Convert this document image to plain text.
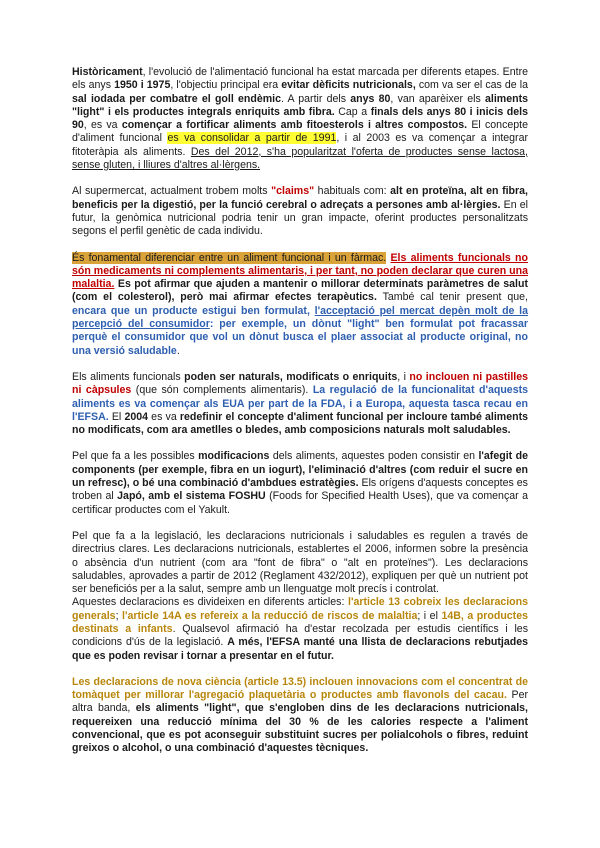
Històricament, l'evolució de l'alimentació funcional ha estat marcada per diferents etapes. Entre els anys 1950 i 1975, l'objectiu principal era evitar dèficits nutricionals, com va ser el cas de la sal iodada per combatre el goll endèmic. A partir dels anys 80, van aparèixer els aliments "light" i els productes integrals enriquits amb fibra. Cap a finals dels anys 80 i inicis dels 90, es va començar a fortificar aliments amb fitoesterols i altres compostos. El concepte d'aliment funcional es va consolidar a partir de 1991, i al 2003 es va començar a integrar fitoteràpia als aliments. Des del 2012, s'ha popularitzat l'oferta de productes sense lactosa, sense gluten, i lliures d'altres al·lèrgens.

Al supermercat, actualment trobem molts "claims" habituals com: alt en proteïna, alt en fibra, beneficis per la digestió, per la funció cerebral o adreçats a persones amb al·lèrgies. En el futur, la genòmica nutricional podria tenir un gran impacte, oferint productes personalitzats segons el perfil genètic de cada individu.

És fonamental diferenciar entre un aliment funcional i un fàrmac. Els aliments funcionals no són medicaments ni complements alimentaris, i per tant, no poden declarar que curen una malaltia. Es pot afirmar que ajuden a mantenir o millorar determinats paràmetres de salut (com el colesterol), però mai afirmar efectes terapèutics. També cal tenir present que, encara que un producte estigui ben formulat, l'acceptació pel mercat depèn molt de la percepció del consumidor: per exemple, un dònut "light" ben formulat pot fracassar perquè el consumidor que vol un dònut busca el plaer associat al producte original, no una versió saludable.

Els aliments funcionals poden ser naturals, modificats o enriquits, i no inclouen ni pastilles ni càpsules (que són complements alimentaris). La regulació de la funcionalitat d'aquests aliments es va començar als EUA per part de la FDA, i a Europa, aquesta tasca recau en l'EFSA. El 2004 es va redefinir el concepte d'aliment funcional per incloure també aliments no modificats, com ara ametlles o bledes, amb composicions naturals molt saludables.

Pel que fa a les possibles modificacions dels aliments, aquestes poden consistir en l'afegit de components (per exemple, fibra en un iogurt), l'eliminació d'altres (com reduir el sucre en un refresc), o bé una combinació d'ambdues estratègies. Els orígens d'aquests conceptes es troben al Japó, amb el sistema FOSHU (Foods for Specified Health Uses), que va començar a certificar productes com el Yakult.

Pel que fa a la legislació, les declaracions nutricionals i saludables es regulen a través de directrius clares. Les declaracions nutricionals, establertes el 2006, informen sobre la presència o absència d'un nutrient (com ara "font de fibra" o "alt en proteïnes"). Les declaracions saludables, aprovades a partir de 2012 (Reglament 432/2012), expliquen per què un nutrient pot ser beneficiós per a la salut, sempre amb un llenguatge molt precís i controlat.

Aquestes declaracions es divideixen en diferents articles: l'article 13 cobreix les declaracions generals; l'article 14A es refereix a la reducció de riscos de malaltia; i el 14B, a productes destinats a infants. Qualsevol afirmació ha d'estar recolzada per estudis científics i les condicions d'ús de la legislació. A més, l'EFSA manté una llista de declaracions rebutjades que es poden revisar i tornar a presentar en el futur.

Les declaracions de nova ciència (article 13.5) inclouen innovacions com el concentrat de tomàquet per millorar l'agregació plaquetària o productes amb flavonols del cacau. Per altra banda, els aliments "light", que s'engloben dins de les declaracions nutricionals, requereixen una reducció mínima del 30 % de les calories respecte a l'aliment convencional, que es pot aconseguir substituint sucres per polialcohols o fibres, reduint greixos o alcohol, o una combinació d'aquestes tècniques.
